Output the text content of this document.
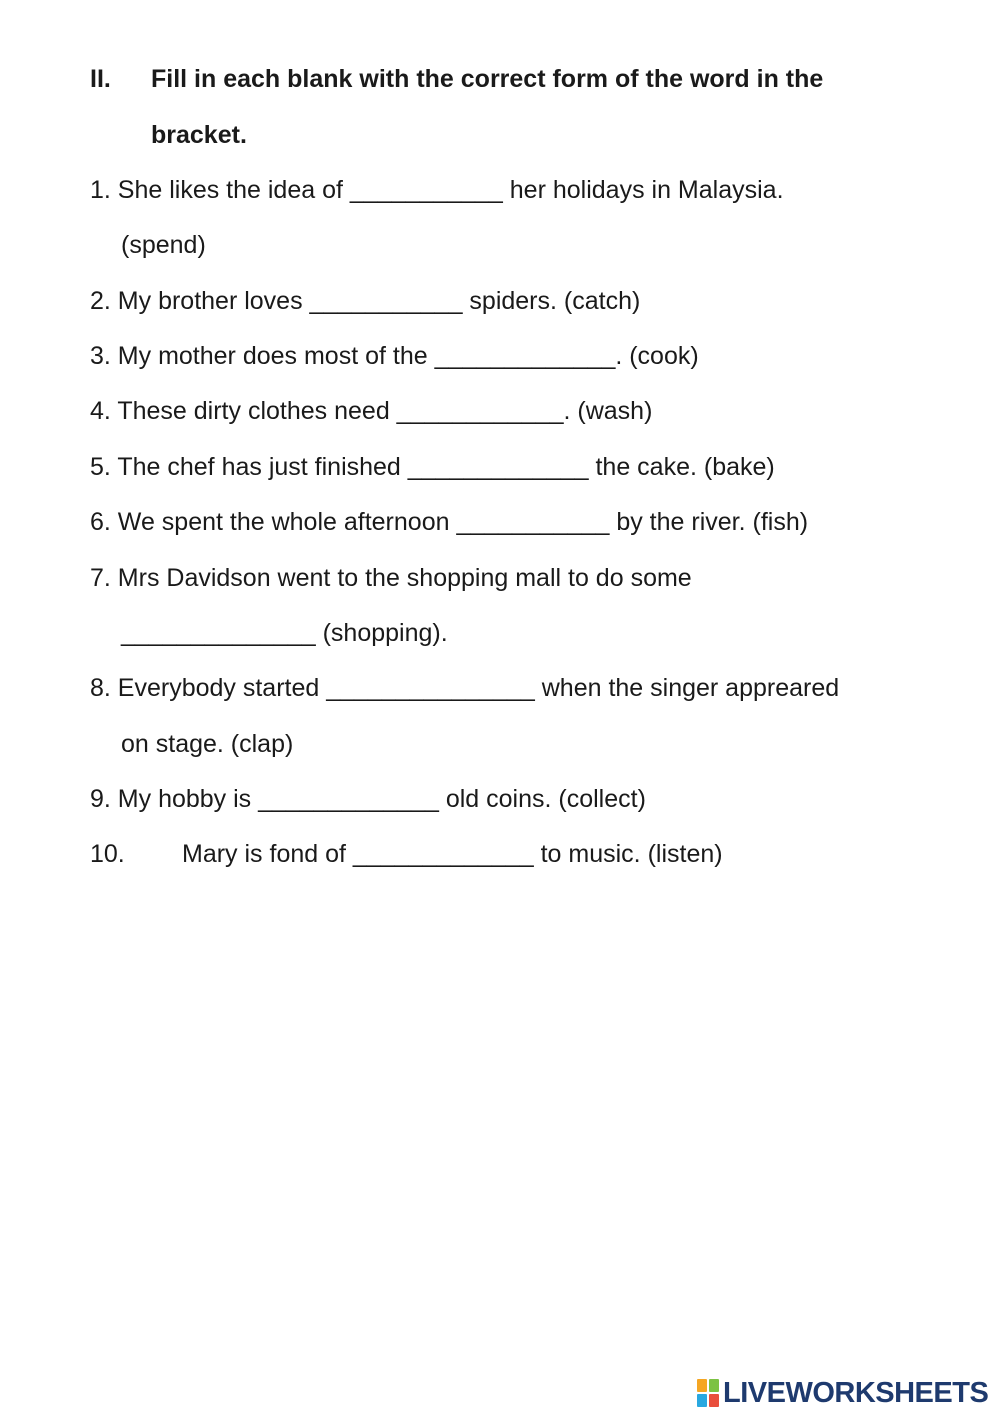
II. Fill in each blank with the correct form of the word in the
bracket.
1. She likes the idea of ___________ her holidays in Malaysia.
(spend)
2. My brother loves ___________ spiders. (catch)
3. My mother does most of the _____________. (cook)
4. These dirty clothes need ____________. (wash)
5. The chef has just finished _____________ the cake. (bake)
6. We spent the whole afternoon ___________ by the river. (fish)
7. Mrs Davidson went to the shopping mall to do some
______________ (shopping).
8. Everybody started _______________ when the singer appreared
on stage. (clap)
9. My hobby is _____________ old coins. (collect)
10. Mary is fond of _____________ to music. (listen)
LIVEWORKSHEETS
